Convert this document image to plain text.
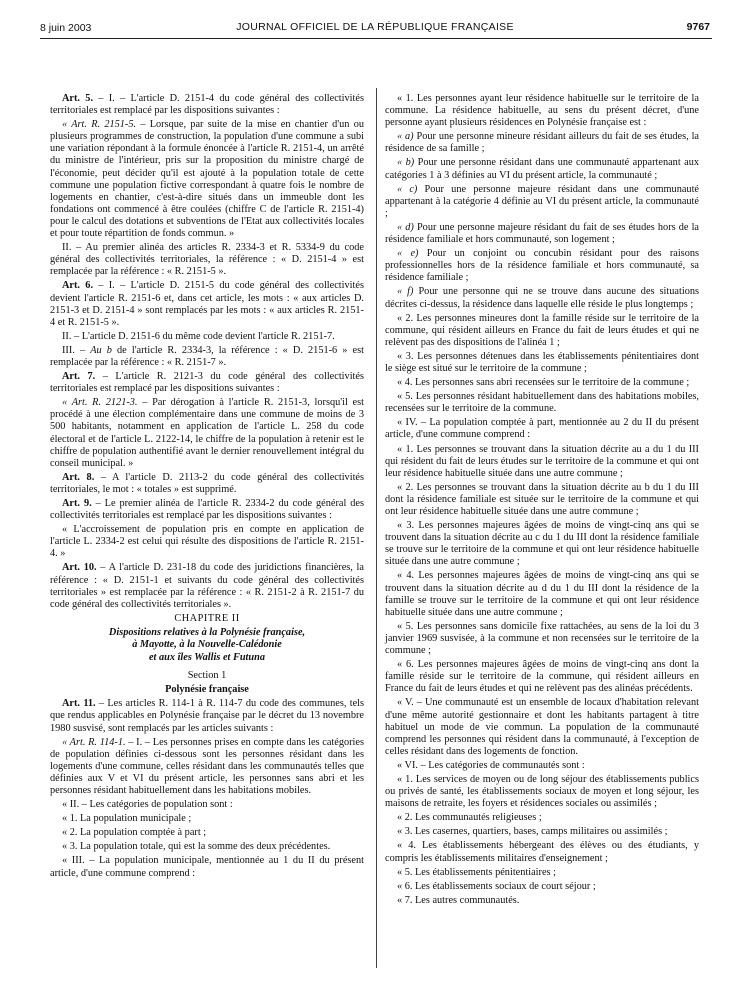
8 juin 2003	JOURNAL OFFICIEL DE LA RÉPUBLIQUE FRANÇAISE	9767

Art. 5. – I. – L'article D. 2151-4 du code général des collectivités territoriales est remplacé par les dispositions suivantes :

« Art. R. 2151-5. – Lorsque, par suite de la mise en chantier d'un ou plusieurs programmes de construction, la population d'une commune a subi une variation répondant à la formule énoncée à l'article R. 2151-4, un arrêté du ministre de l'intérieur, pris sur la proposition du ministre chargé de l'économie, peut décider qu'il est ajouté à la population totale de cette commune une population fictive correspondant à quatre fois le nombre de logements en chantier, c'est-à-dire situés dans un immeuble dont les fondations ont commencé à être coulées (chiffre C de l'article R. 2151-4) pour le calcul des dotations et subventions de l'Etat aux collectivités locales et pour toute répartition de fonds commun. »

II. – Au premier alinéa des articles R. 2334-3 et R. 5334-9 du code général des collectivités territoriales, la référence : « D. 2151-4 » est remplacée par la référence : « R. 2151-5 ».

Art. 6. – I. – L'article D. 2151-5 du code général des collectivités devient l'article R. 2151-6 et, dans cet article, les mots : « aux articles D. 2151-3 et D. 2151-4 » sont remplacés par les mots : « aux articles R. 2151-4 et R. 2151-5 ».

II. – L'article D. 2151-6 du même code devient l'article R. 2151-7.

III. – Au b de l'article R. 2334-3, la référence : « D. 2151-6 » est remplacée par la référence : « R. 2151-7 ».

Art. 7. – L'article R. 2121-3 du code général des collectivités territoriales est remplacé par les dispositions suivantes :

« Art. R. 2121-3. – Par dérogation à l'article R. 2151-3, lorsqu'il est procédé à une élection complémentaire dans une commune de moins de 3 500 habitants, notamment en application de l'article L. 258 du code électoral et de l'article L. 2122-14, le chiffre de la population à retenir est le chiffre de population authentifié avant le dernier renouvellement intégral du conseil municipal. »

Art. 8. – A l'article D. 2113-2 du code général des collectivités territoriales, le mot : « totales » est supprimé.

Art. 9. – Le premier alinéa de l'article R. 2334-2 du code général des collectivités territoriales est remplacé par les dispositions suivantes :

« L'accroissement de population pris en compte en application de l'article L. 2334-2 est celui qui résulte des dispositions de l'article R. 2151-4. »

Art. 10. – A l'article D. 231-18 du code des juridictions financières, la référence : « D. 2151-1 et suivants du code général des collectivités territoriales » est remplacée par la référence : « R. 2151-2 à R. 2151-7 du code général des collectivités territoriales ».

CHAPITRE II

Dispositions relatives à la Polynésie française,
à Mayotte, à la Nouvelle-Calédonie
et aux îles Wallis et Futuna

Section 1

Polynésie française

Art. 11. – Les articles R. 114-1 à R. 114-7 du code des communes, tels que rendus applicables en Polynésie française par le décret du 13 novembre 1980 susvisé, sont remplacés par les articles suivants :

« Art. R. 114-1. – I. – Les personnes prises en compte dans les catégories de population définies ci-dessous sont les personnes résidant dans les logements d'une commune, celles résidant dans les communautés telles que définies aux V et VI du présent article, les personnes sans abri et les personnes résidant habituellement dans les habitations mobiles.

« II. – Les catégories de population sont :

« 1. La population municipale ;

« 2. La population comptée à part ;

« 3. La population totale, qui est la somme des deux précédentes.

« III. – La population municipale, mentionnée au 1 du II du présent article, d'une commune comprend :

« 1. Les personnes ayant leur résidence habituelle sur le territoire de la commune. La résidence habituelle, au sens du présent décret, d'une personne ayant plusieurs résidences en Polynésie française est :

« a) Pour une personne mineure résidant ailleurs du fait de ses études, la résidence de sa famille ;

« b) Pour une personne résidant dans une communauté appartenant aux catégories 1 à 3 définies au VI du présent article, la communauté ;

« c) Pour une personne majeure résidant dans une communauté appartenant à la catégorie 4 définie au VI du présent article, la communauté ;

« d) Pour une personne majeure résidant du fait de ses études hors de la résidence familiale et hors communauté, son logement ;

« e) Pour un conjoint ou concubin résidant pour des raisons professionnelles hors de la résidence familiale et hors communauté, sa résidence familiale ;

« f) Pour une personne qui ne se trouve dans aucune des situations décrites ci-dessus, la résidence dans laquelle elle réside le plus longtemps ;

« 2. Les personnes mineures dont la famille réside sur le territoire de la commune, qui résident ailleurs en France du fait de leurs études et qui ne relèvent pas des dispositions de l'alinéa 1 ;

« 3. Les personnes détenues dans les établissements pénitentiaires dont le siège est situé sur le territoire de la commune ;

« 4. Les personnes sans abri recensées sur le territoire de la commune ;

« 5. Les personnes résidant habituellement dans des habitations mobiles, recensées sur le territoire de la commune.

« IV. – La population comptée à part, mentionnée au 2 du II du présent article, d'une commune comprend :

« 1. Les personnes se trouvant dans la situation décrite au a du 1 du III qui résident du fait de leurs études sur le territoire de la commune et qui ont leur résidence habituelle située dans une autre commune ;

« 2. Les personnes se trouvant dans la situation décrite au b du 1 du III dont la résidence familiale est située sur le territoire de la commune et qui ont leur résidence habituelle située dans une autre commune ;

« 3. Les personnes majeures âgées de moins de vingt-cinq ans qui se trouvent dans la situation décrite au c du 1 du III dont la résidence familiale se trouve sur le territoire de la commune et qui ont leur résidence habituelle située dans une autre commune ;

« 4. Les personnes majeures âgées de moins de vingt-cinq ans qui se trouvent dans la situation décrite au d du 1 du III dont la résidence de la famille se trouve sur le territoire de la commune et qui ont leur résidence habituelle située dans une autre commune ;

« 5. Les personnes sans domicile fixe rattachées, au sens de la loi du 3 janvier 1969 susvisée, à la commune et non recensées sur le territoire de la commune ;

« 6. Les personnes majeures âgées de moins de vingt-cinq ans dont la famille réside sur le territoire de la commune, qui résident ailleurs en France du fait de leurs études et qui ne relèvent pas des alinéas précédents.

« V. – Une communauté est un ensemble de locaux d'habitation relevant d'une même autorité gestionnaire et dont les habitants partagent à titre habituel un mode de vie commun. La population de la communauté comprend les personnes qui résident dans la communauté, à l'exception de celles résidant dans des logements de fonction.

« VI. – Les catégories de communautés sont :

« 1. Les services de moyen ou de long séjour des établissements publics ou privés de santé, les établissements sociaux de moyen et long séjour, les maisons de retraite, les foyers et résidences sociales ou assimilés ;

« 2. Les communautés religieuses ;

« 3. Les casernes, quartiers, bases, camps militaires ou assimilés ;

« 4. Les établissements hébergeant des élèves ou des étudiants, y compris les établissements militaires d'enseignement ;

« 5. Les établissements pénitentiaires ;

« 6. Les établissements sociaux de court séjour ;

« 7. Les autres communautés.
